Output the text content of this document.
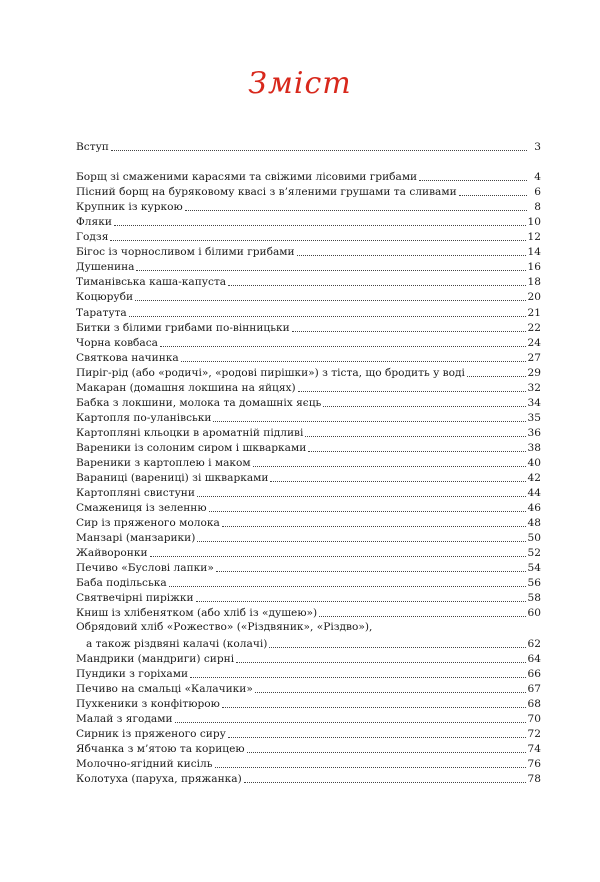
Зміст
Вступ	3
Борщ зі смаженими карасями та свіжими лісовими грибами	4
Пісний борщ на буряковому квасі з в’яленими грушами та сливами	6
Крупник із куркою	8
Фляки	10
Годзя	12
Бігос із чорносливом і білими грибами	14
Душенина	16
Тиманівська каша-капуста	18
Коцюруби	20
Таратута	21
Битки з білими грибами по-вінницьки	22
Чорна ковбаса	24
Святкова начинка	27
Пиріг-рід (або «родичі», «родові пирішки») з тіста, що бродить у воді	29
Макаран (домашня локшина на яйцях)	32
Бабка з локшини, молока та домашніх яєць	34
Картопля по-уланівськи	35
Картопляні кльоцки в ароматній підливі	36
Вареники із солоним сиром і шкварками	38
Вареники з картоплею і маком	40
Вараниці (варениці) зі шкварками	42
Картопляні свистуни	44
Смажениця із зеленню	46
Сир із пряженого молока	48
Манзарі (манзарики)	50
Жайворонки	52
Печиво «Буслові лапки»	54
Баба подільська	56
Святвечірні пиріжки	58
Книш із хлібенятком (або хліб із «душею»)	60
Обрядовий хліб «Рожество» («Різдвяник», «Різдво»),
а також різдвяні калачі (колачі)	62
Мандрики (мандриги) сирні	64
Пундики з горіхами	66
Печиво на смальці «Калачики»	67
Пухкеники з конфітюрою	68
Малай з ягодами	70
Сирник із пряженого сиру	72
Ябчанка з м’ятою та корицею	74
Молочно-ягідний кисіль	76
Колотуха (паруха, пряжанка)	78
